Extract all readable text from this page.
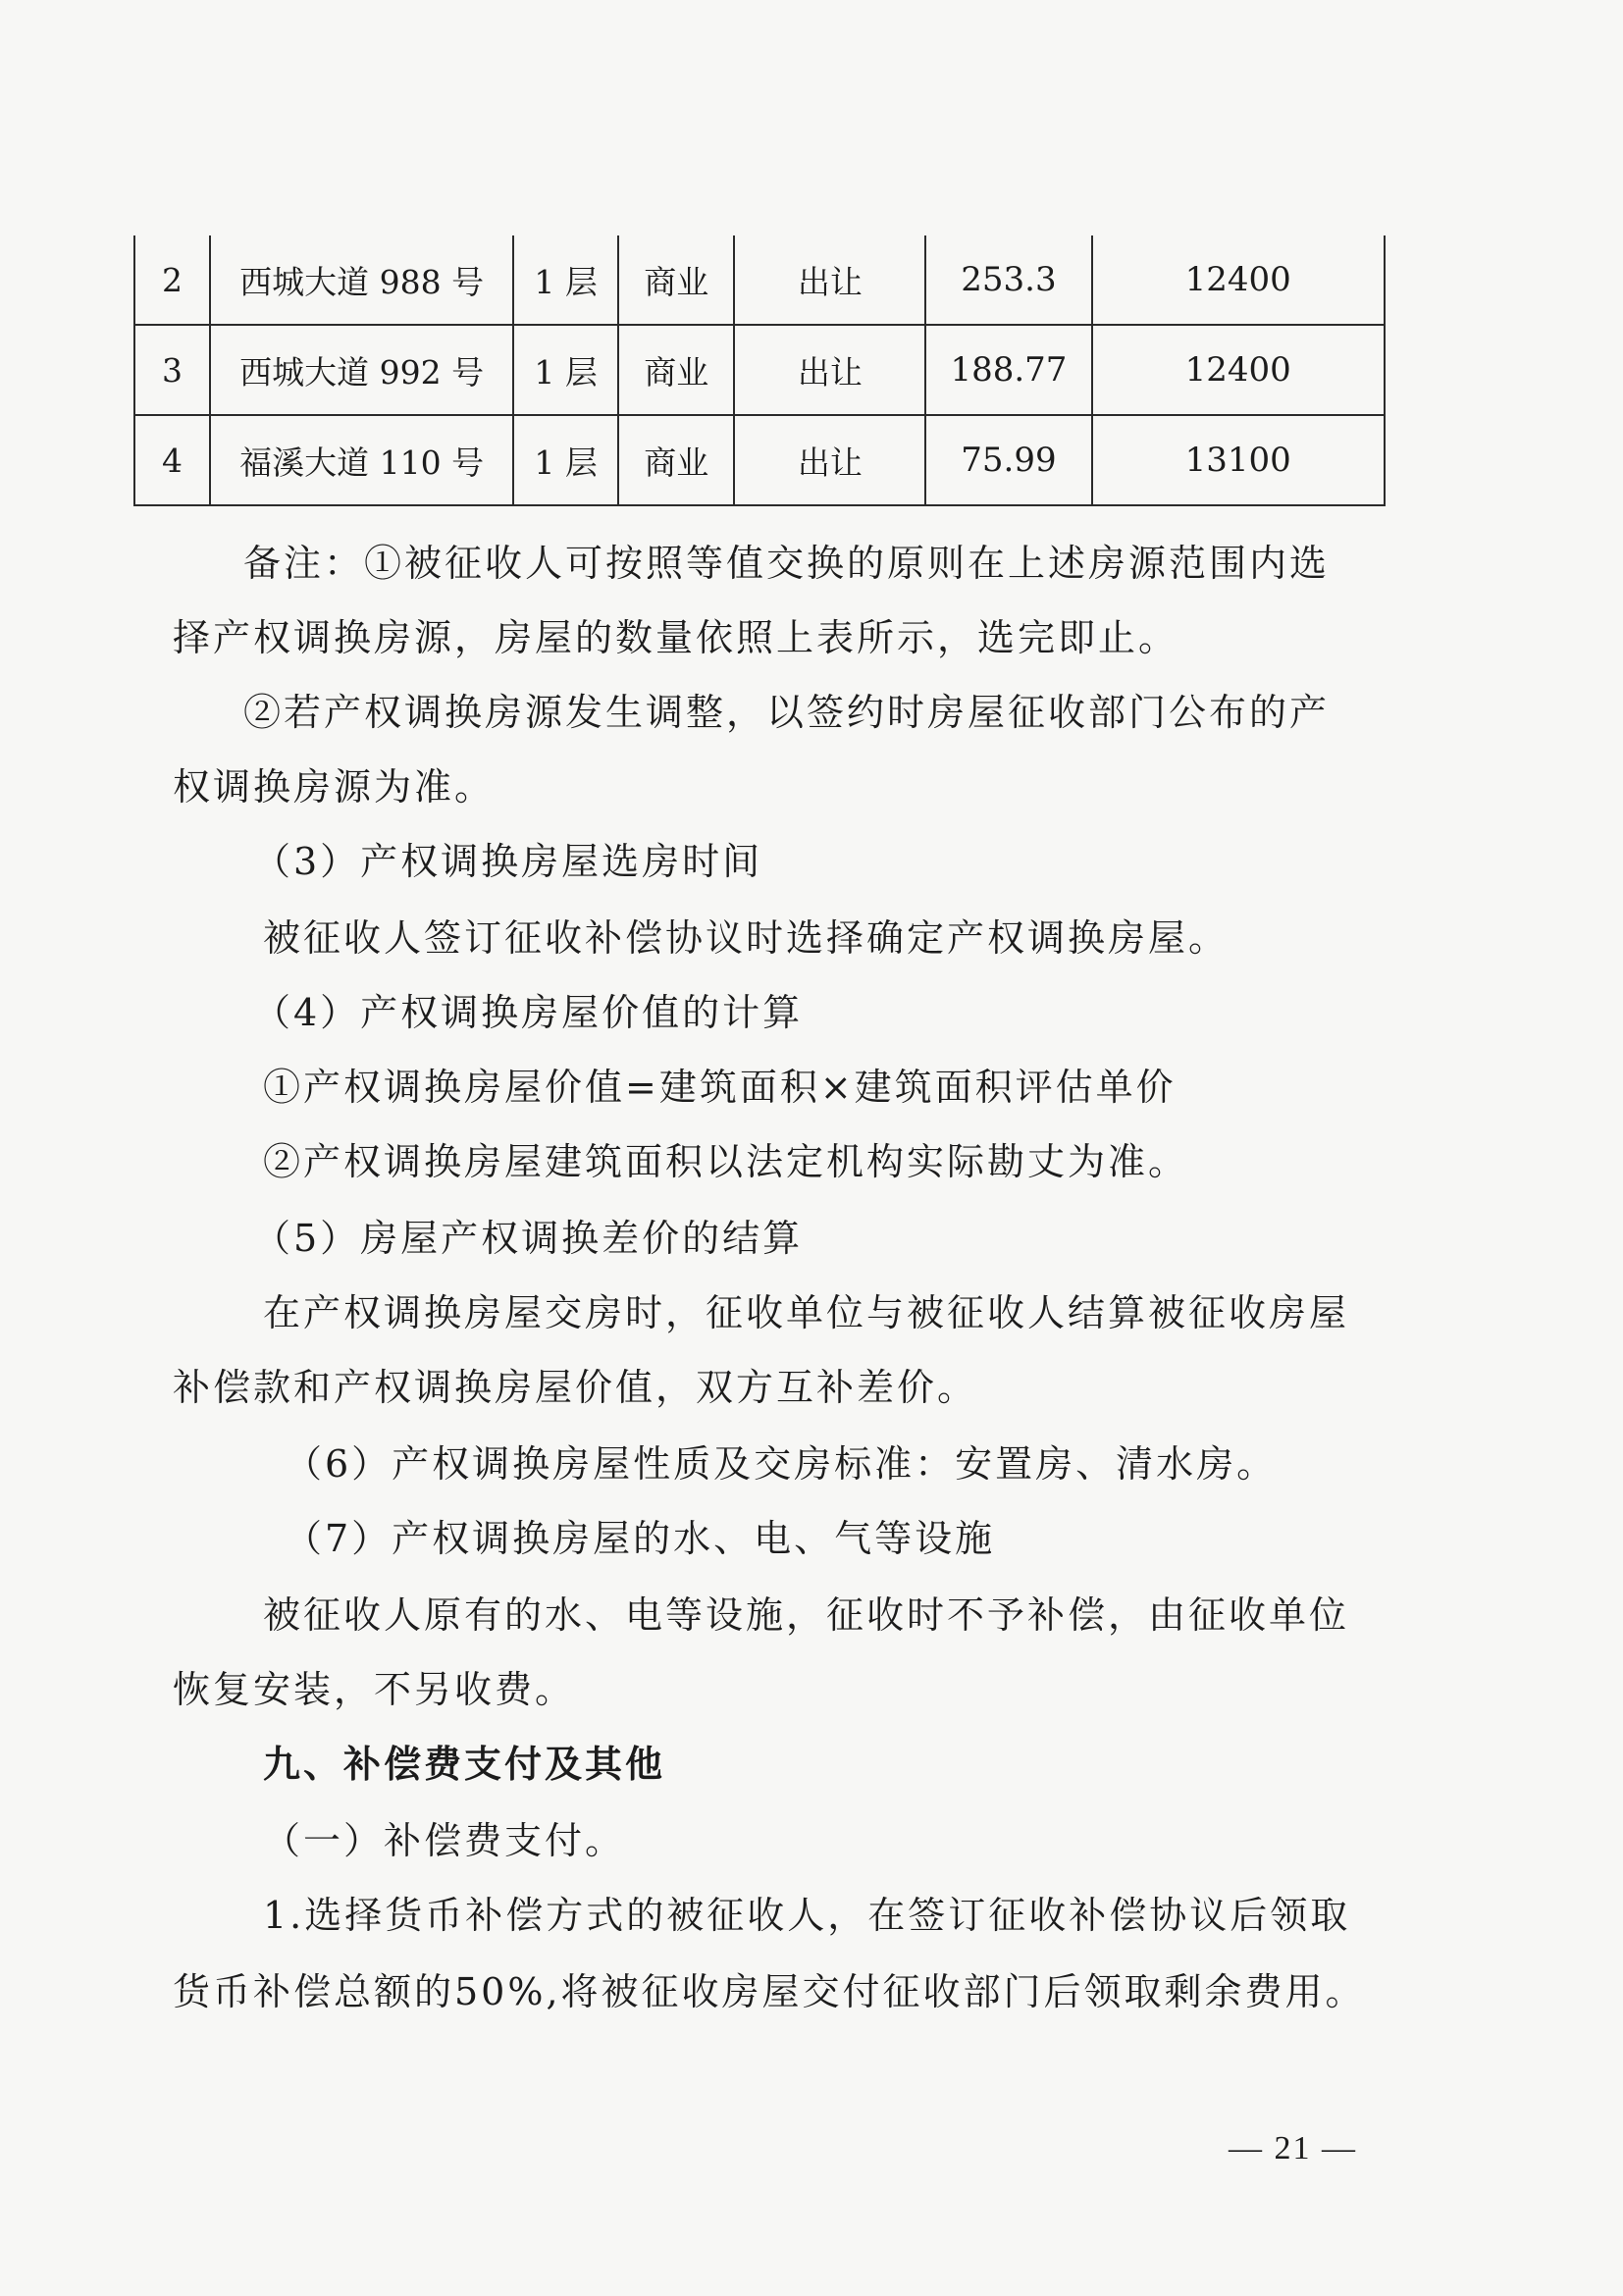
2	西城大道 988 号	1 层	商业	出让	253.3	12400
3	西城大道 992 号	1 层	商业	出让	188.77	12400
4	福溪大道 110 号	1 层	商业	出让	75.99	13100
备注：①被征收人可按照等值交换的原则在上述房源范围内选
择产权调换房源，房屋的数量依照上表所示，选完即止。
②若产权调换房源发生调整，以签约时房屋征收部门公布的产
权调换房源为准。
（3）产权调换房屋选房时间
被征收人签订征收补偿协议时选择确定产权调换房屋。
（4）产权调换房屋价值的计算
①产权调换房屋价值=建筑面积×建筑面积评估单价
②产权调换房屋建筑面积以法定机构实际勘丈为准。
（5）房屋产权调换差价的结算
在产权调换房屋交房时，征收单位与被征收人结算被征收房屋
补偿款和产权调换房屋价值，双方互补差价。
（6）产权调换房屋性质及交房标准：安置房、清水房。
（7）产权调换房屋的水、电、气等设施
被征收人原有的水、电等设施，征收时不予补偿，由征收单位
恢复安装，不另收费。
九、补偿费支付及其他
（一）补偿费支付。
1.选择货币补偿方式的被征收人，在签订征收补偿协议后领取
货币补偿总额的50%,将被征收房屋交付征收部门后领取剩余费用。
— 21 —
